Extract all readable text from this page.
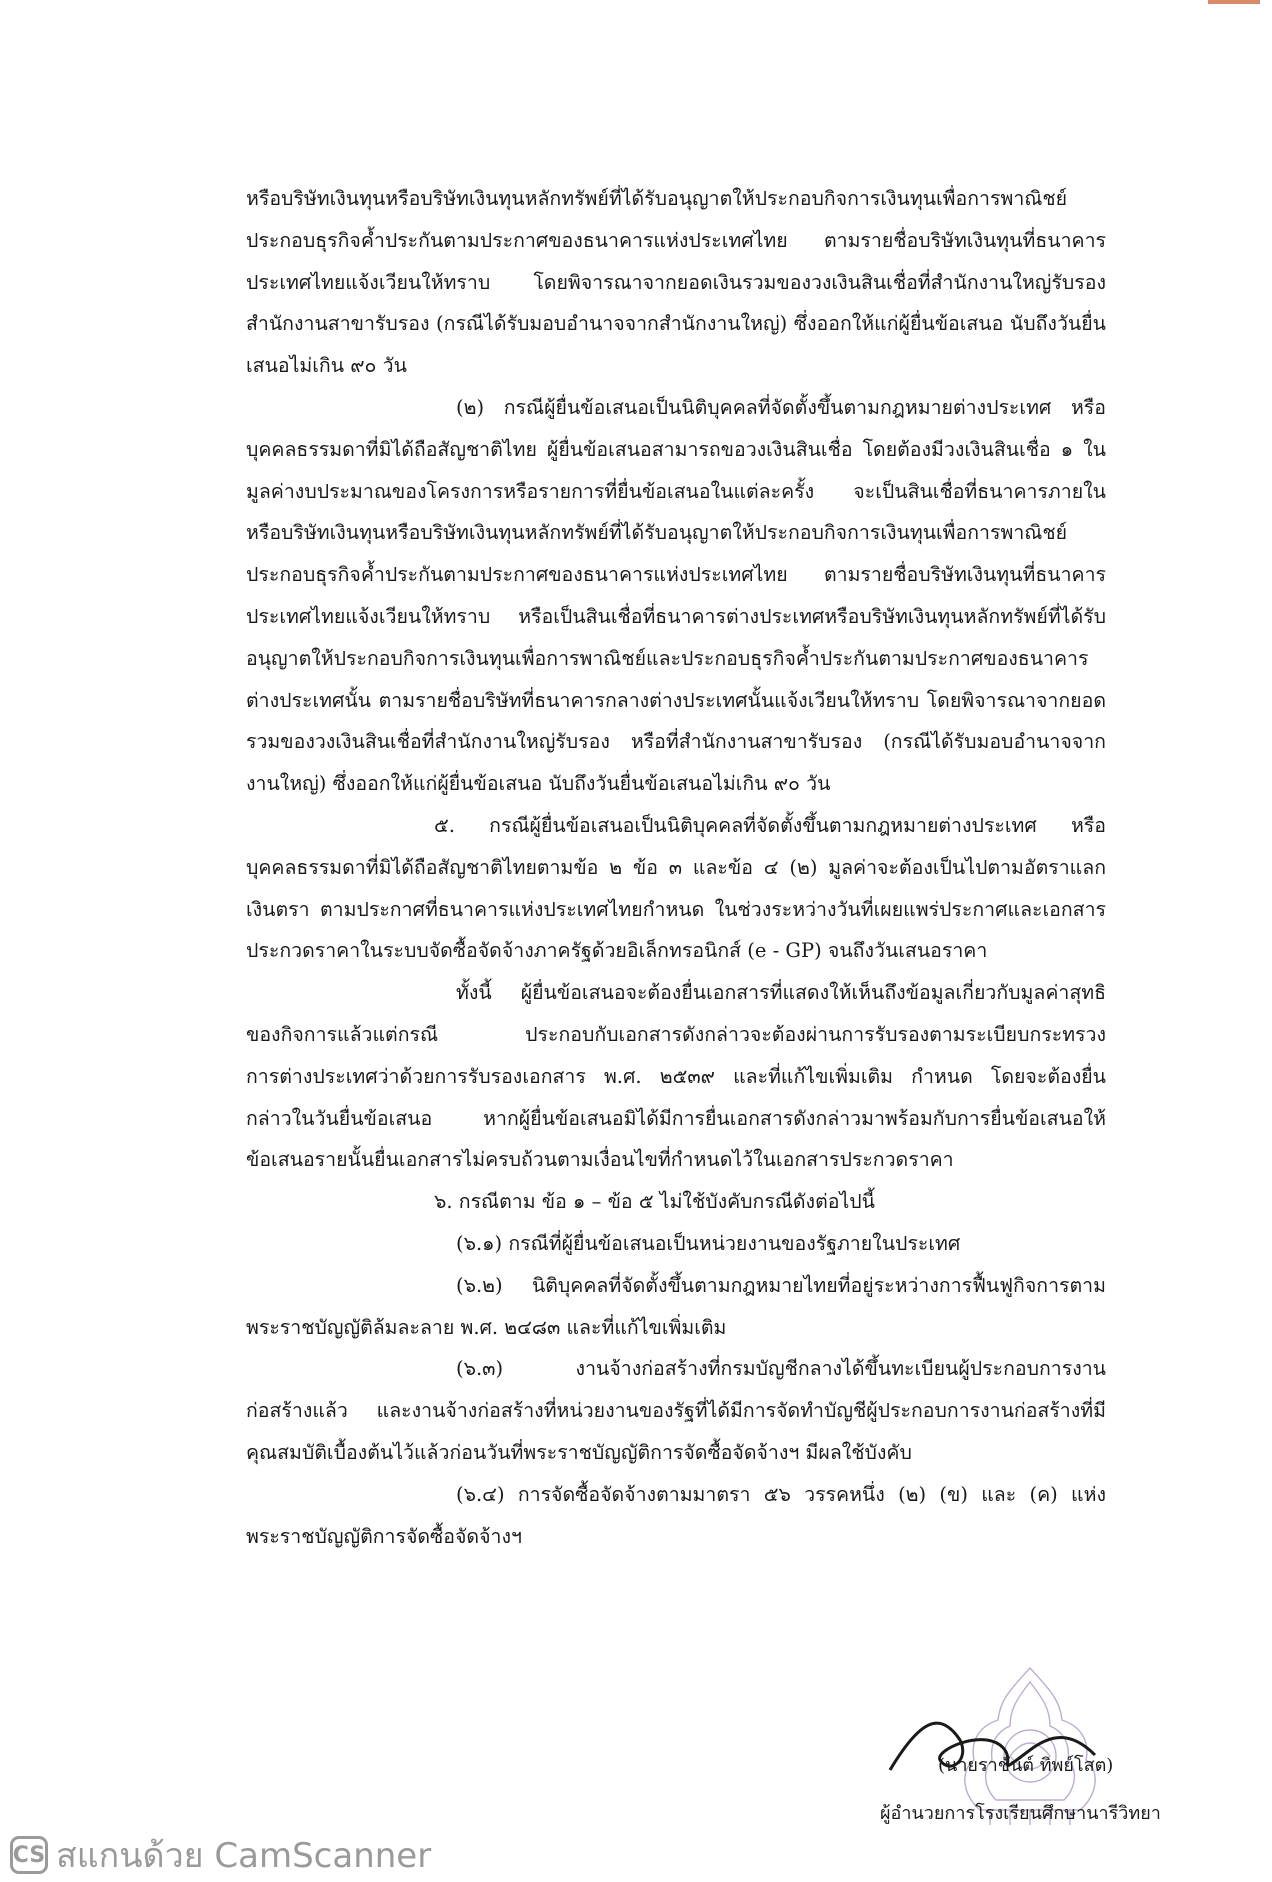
หรือบริษัทเงินทุนหรือบริษัทเงินทุนหลักทรัพย์ที่ได้รับอนุญาตให้ประกอบกิจการเงินทุนเพื่อการพาณิชย์
ประกอบธุรกิจค้ำประกันตามประกาศของธนาคารแห่งประเทศไทย ตามรายชื่อบริษัทเงินทุนที่ธนาคาร
ประเทศไทยแจ้งเวียนให้ทราบ โดยพิจารณาจากยอดเงินรวมของวงเงินสินเชื่อที่สำนักงานใหญ่รับรอง
สำนักงานสาขารับรอง (กรณีได้รับมอบอำนาจจากสำนักงานใหญ่) ซึ่งออกให้แก่ผู้ยื่นข้อเสนอ นับถึงวันยื่น
เสนอไม่เกิน ๙๐ วัน
(๒) กรณีผู้ยื่นข้อเสนอเป็นนิติบุคคลที่จัดตั้งขึ้นตามกฎหมายต่างประเทศ หรือ
บุคคลธรรมดาที่มิได้ถือสัญชาติไทย ผู้ยื่นข้อเสนอสามารถขอวงเงินสินเชื่อ โดยต้องมีวงเงินสินเชื่อ ๑ ใน
มูลค่างบประมาณของโครงการหรือรายการที่ยื่นข้อเสนอในแต่ละครั้ง จะเป็นสินเชื่อที่ธนาคารภายใน
หรือบริษัทเงินทุนหรือบริษัทเงินทุนหลักทรัพย์ที่ได้รับอนุญาตให้ประกอบกิจการเงินทุนเพื่อการพาณิชย์
ประกอบธุรกิจค้ำประกันตามประกาศของธนาคารแห่งประเทศไทย ตามรายชื่อบริษัทเงินทุนที่ธนาคาร
ประเทศไทยแจ้งเวียนให้ทราบ หรือเป็นสินเชื่อที่ธนาคารต่างประเทศหรือบริษัทเงินทุนหลักทรัพย์ที่ได้รับ
อนุญาตให้ประกอบกิจการเงินทุนเพื่อการพาณิชย์และประกอบธุรกิจค้ำประกันตามประกาศของธนาคาร
ต่างประเทศนั้น ตามรายชื่อบริษัทที่ธนาคารกลางต่างประเทศนั้นแจ้งเวียนให้ทราบ โดยพิจารณาจากยอด
รวมของวงเงินสินเชื่อที่สำนักงานใหญ่รับรอง หรือที่สำนักงานสาขารับรอง (กรณีได้รับมอบอำนาจจาก
งานใหญ่) ซึ่งออกให้แก่ผู้ยื่นข้อเสนอ นับถึงวันยื่นข้อเสนอไม่เกิน ๙๐ วัน
๕. กรณีผู้ยื่นข้อเสนอเป็นนิติบุคคลที่จัดตั้งขึ้นตามกฎหมายต่างประเทศ หรือ
บุคคลธรรมดาที่มิได้ถือสัญชาติไทยตามข้อ ๒ ข้อ ๓ และข้อ ๔ (๒) มูลค่าจะต้องเป็นไปตามอัตราแลก
เงินตรา ตามประกาศที่ธนาคารแห่งประเทศไทยกำหนด ในช่วงระหว่างวันที่เผยแพร่ประกาศและเอกสาร
ประกวดราคาในระบบจัดซื้อจัดจ้างภาครัฐด้วยอิเล็กทรอนิกส์ (e - GP) จนถึงวันเสนอราคา
ทั้งนี้ ผู้ยื่นข้อเสนอจะต้องยื่นเอกสารที่แสดงให้เห็นถึงข้อมูลเกี่ยวกับมูลค่าสุทธิ
ของกิจการแล้วแต่กรณี ประกอบกับเอกสารดังกล่าวจะต้องผ่านการรับรองตามระเบียบกระทรวง
การต่างประเทศว่าด้วยการรับรองเอกสาร พ.ศ. ๒๕๓๙ และที่แก้ไขเพิ่มเติม กำหนด โดยจะต้องยื่น
กล่าวในวันยื่นข้อเสนอ หากผู้ยื่นข้อเสนอมิได้มีการยื่นเอกสารดังกล่าวมาพร้อมกับการยื่นข้อเสนอให้
ข้อเสนอรายนั้นยื่นเอกสารไม่ครบถ้วนตามเงื่อนไขที่กำหนดไว้ในเอกสารประกวดราคา
๖. กรณีตาม ข้อ ๑ – ข้อ ๕ ไม่ใช้บังคับกรณีดังต่อไปนี้
(๖.๑) กรณีที่ผู้ยื่นข้อเสนอเป็นหน่วยงานของรัฐภายในประเทศ
(๖.๒) นิติบุคคลที่จัดตั้งขึ้นตามกฎหมายไทยที่อยู่ระหว่างการฟื้นฟูกิจการตาม
พระราชบัญญัติล้มละลาย พ.ศ. ๒๔๘๓ และที่แก้ไขเพิ่มเติม
(๖.๓) งานจ้างก่อสร้างที่กรมบัญชีกลางได้ขึ้นทะเบียนผู้ประกอบการงาน
ก่อสร้างแล้ว และงานจ้างก่อสร้างที่หน่วยงานของรัฐที่ได้มีการจัดทำบัญชีผู้ประกอบการงานก่อสร้างที่มี
คุณสมบัติเบื้องต้นไว้แล้วก่อนวันที่พระราชบัญญัติการจัดซื้อจัดจ้างฯ มีผลใช้บังคับ
(๖.๔) การจัดซื้อจัดจ้างตามมาตรา ๕๖ วรรคหนึ่ง (๒) (ข) และ (ค) แห่ง
พระราชบัญญัติการจัดซื้อจัดจ้างฯ
(นายราชันต์ ทิพย์โสต)
ผู้อำนวยการโรงเรียนศึกษานารีวิทยา
CS สแกนด้วย CamScanner
